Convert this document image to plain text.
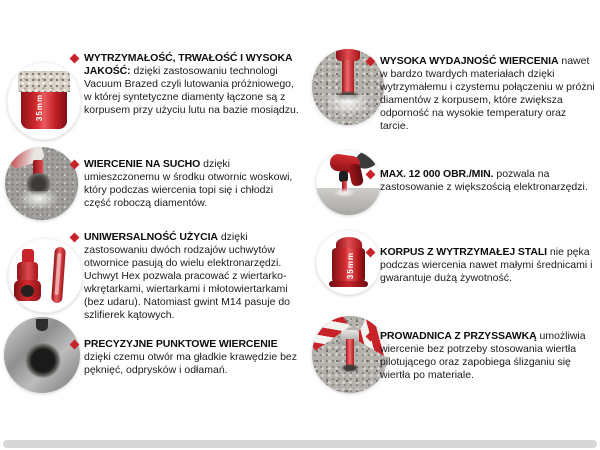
35mm
35mm
WYTRZYMAŁOŚĆ, TRWAŁOŚĆ I WYSOKA JAKOŚĆ: dzięki zastosowaniu technologi Vacuum Brazed czyli lutowania próżniowego, w której syntetyczne diamenty łączone są z korpusem przy użyciu lutu na bazie mosiądzu.
WIERCENIE NA SUCHO dzięki umieszczonemu w środku otwornic woskowi, który podczas wiercenia topi się i chłodzi część roboczą diamentów.
UNIWERSALNOŚĆ UŻYCIA dzięki zastosowaniu dwóch rodzajów uchwytów otwornice pasują do wielu elektronarzędzi. Uchwyt Hex pozwala pracować z wiertarko-wkrętarkami, wiertarkami i młotowiertarkami (bez udaru). Natomiast gwint M14 pasuje do szlifierek kątowych.
PRECYZYJNE PUNKTOWE WIERCENIE dzięki czemu otwór ma gładkie krawędzie bez pęknięć, odprysków i odłamań.
WYSOKA WYDAJNOŚĆ WIERCENIA nawet w bardzo twardych materiałach dzięki wytrzymałemu i czystemu połączeniu w próżni diamentów z korpusem, które zwiększa odporność na wysokie temperatury oraz tarcie.
MAX. 12 000 OBR./MIN. pozwala na zastosowanie z większością elektronarzędzi.
KORPUS Z WYTRZYMAŁEJ STALI nie pęka podczas wiercenia nawet małymi średnicami i gwarantuje dużą żywotność.
PROWADNICA Z PRZYSSAWKĄ umożliwia wiercenie bez potrzeby stosowania wiertła pilotującego oraz zapobiega ślizganiu się wiertła po materiale.
